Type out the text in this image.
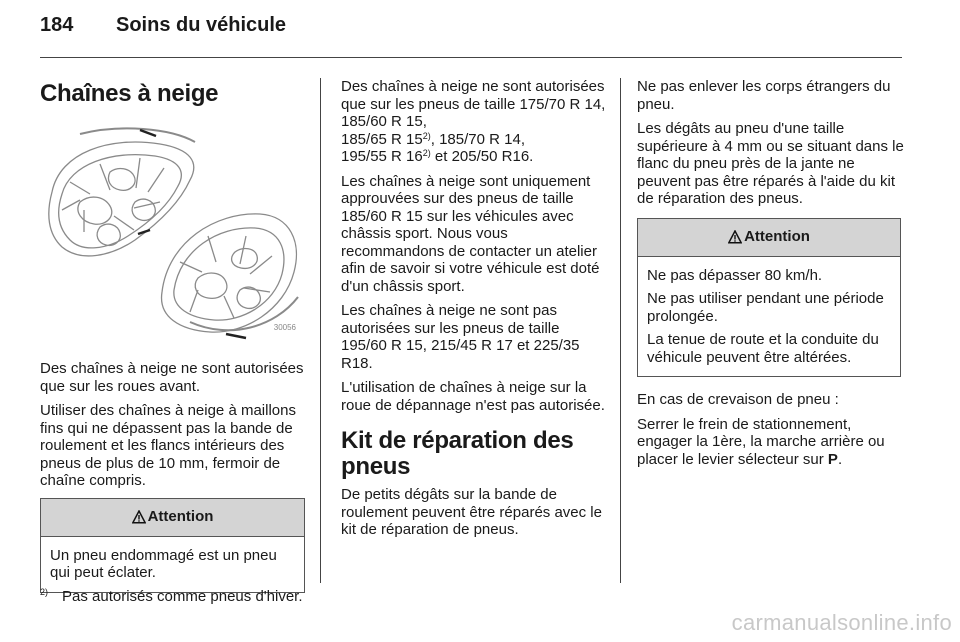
184 Soins du véhicule
Chaînes à neige
30056

Des chaînes à neige ne sont autorisées que sur les roues avant.

Utiliser des chaînes à neige à maillons fins qui ne dépassent pas la bande de roulement et les flancs intérieurs des pneus de plus de 10 mm, fermoir de chaîne compris.

Attention

Un pneu endommagé est un pneu qui peut éclater.

Des chaînes à neige ne sont autorisées que sur les pneus de taille 175/70 R 14, 185/60 R 15,
185/65 R 15$^{2)}$, 185/70 R 14,
195/55 R 16$^{2)}$ et 205/50 R16.

Les chaînes à neige sont uniquement approuvées sur des pneus de taille 185/60 R 15 sur les véhicules avec châssis sport. Nous vous recommandons de contacter un atelier afin de savoir si votre véhicule est doté d'un châssis sport.

Les chaînes à neige ne sont pas autorisées sur les pneus de taille 195/60 R 15, 215/45 R 17 et 225/35 R18.

L'utilisation de chaînes à neige sur la roue de dépannage n'est pas autorisée.

Kit de réparation des pneus

De petits dégâts sur la bande de roulement peuvent être réparés avec le kit de réparation de pneus.

Ne pas enlever les corps étrangers du pneu.

Les dégâts au pneu d'une taille supérieure à 4 mm ou se situant dans le flanc du pneu près de la jante ne peuvent pas être réparés à l'aide du kit de réparation des pneus.

Attention

Ne pas dépasser 80 km/h.

Ne pas utiliser pendant une période prolongée.

La tenue de route et la conduite du véhicule peuvent être altérées.

En cas de crevaison de pneu :

Serrer le frein de stationnement, engager la 1ère, la marche arrière ou placer le levier sélecteur sur P.

$^{2)}$ Pas autorisés comme pneus d'hiver.
carmanualsonline.info
